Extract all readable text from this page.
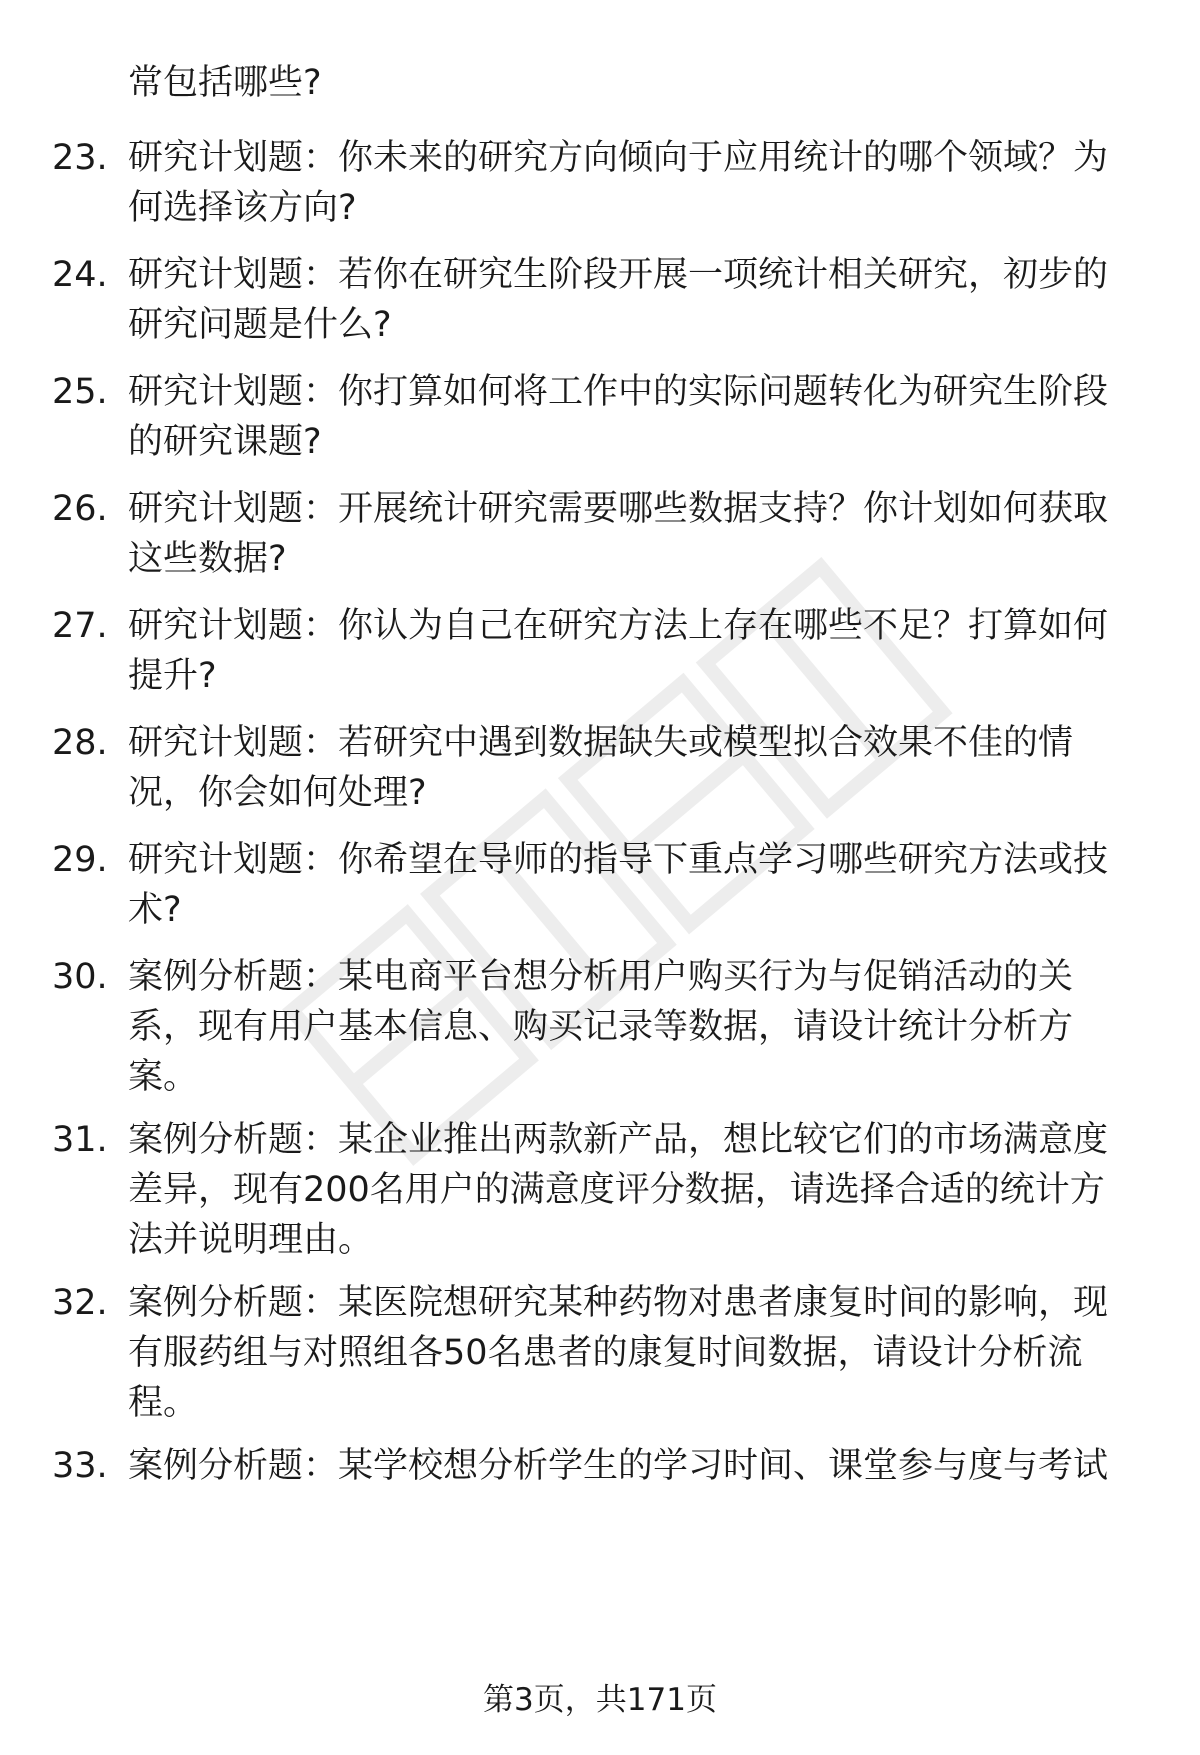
常包括哪些?
23. 研究计划题：你未来的研究方向倾向于应用统计的哪个领域？为何选择该方向?
24. 研究计划题：若你在研究生阶段开展一项统计相关研究，初步的研究问题是什么?
25. 研究计划题：你打算如何将工作中的实际问题转化为研究生阶段的研究课题?
26. 研究计划题：开展统计研究需要哪些数据支持？你计划如何获取这些数据?
27. 研究计划题：你认为自己在研究方法上存在哪些不足？打算如何提升?
28. 研究计划题：若研究中遇到数据缺失或模型拟合效果不佳的情况，你会如何处理?
29. 研究计划题：你希望在导师的指导下重点学习哪些研究方法或技术?
30. 案例分析题：某电商平台想分析用户购买行为与促销活动的关系，现有用户基本信息、购买记录等数据，请设计统计分析方案。
31. 案例分析题：某企业推出两款新产品，想比较它们的市场满意度差异，现有200名用户的满意度评分数据，请选择合适的统计方法并说明理由。
32. 案例分析题：某医院想研究某种药物对患者康复时间的影响，现有服药组与对照组各50名患者的康复时间数据，请设计分析流程。
33. 案例分析题：某学校想分析学生的学习时间、课堂参与度与考试
第3页，共171页
